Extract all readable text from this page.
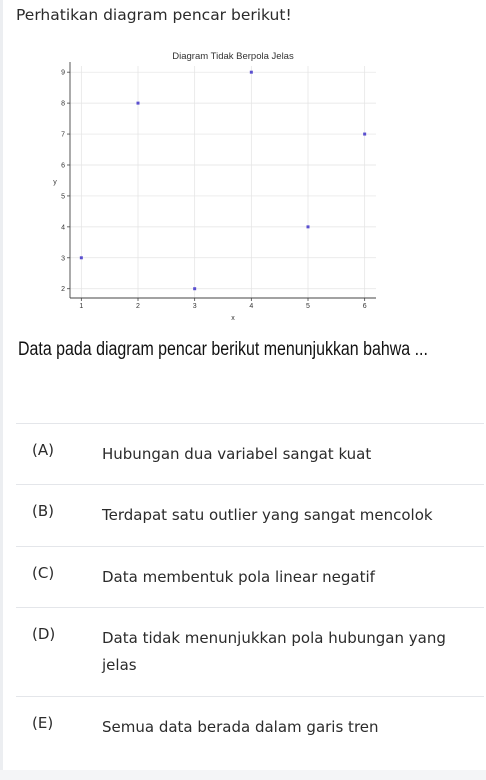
Perhatikan diagram pencar berikut!
1	2	3	4	5	6
2
3
4
5
6
7
8
9
Diagram Tidak Berpola Jelas
x
y
Data pada diagram pencar berikut menunjukkan bahwa ...
(A)	Hubungan dua variabel sangat kuat
(B)	Terdapat satu outlier yang sangat mencolok
(C)	Data membentuk pola linear negatif
(D)	Data tidak menunjukkan pola hubungan yang jelas
(E)	Semua data berada dalam garis tren
